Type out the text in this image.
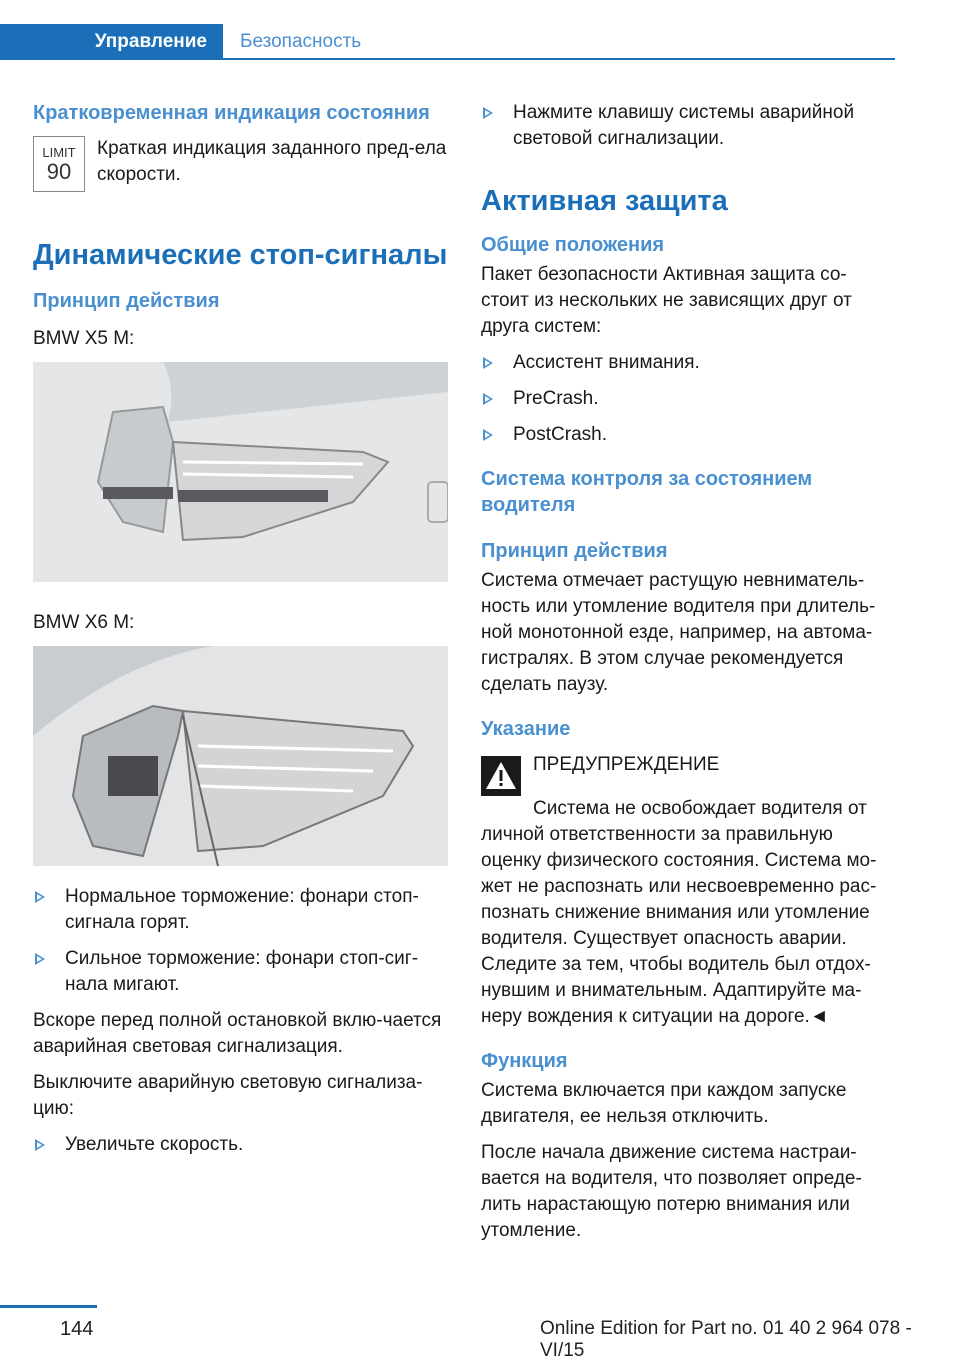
Управление Безопасность
Кратковременная индикация состояния
LIMIT
90
Краткая индикация заданного пред-ела скорости.
Динамические стоп-сигналы
Принцип действия
BMW X5 M:
BMW X6 M:
Нормальное торможение: фонари стоп-сигнала горят.
Сильное торможение: фонари стоп-сиг-нала мигают.
Вскоре перед полной остановкой вклю-чается аварийная световая сигнализация.
Выключите аварийную световую сигнализа-цию:
Увеличьте скорость.
Нажмите клавишу системы аварийной световой сигнализации.
Активная защита
Общие положения
Пакет безопасности Активная защита со-стоит из нескольких не зависящих друг от друга систем:
Ассистент внимания.
PreCrash.
PostCrash.
Система контроля за состоянием водителя
Принцип действия
Система отмечает растущую невниматель-ность или утомление водителя при длитель-ной монотонной езде, например, на автома-гистралях. В этом случае рекомендуется сделать паузу.
Указание
ПРЕДУПРЕЖДЕНИЕ
Система не освобождает водителя от личной ответственности за правильную оценку физического состояния. Система мо-жет не распознать или несвоевременно рас-познать снижение внимания или утомление водителя. Существует опасность аварии. Следите за тем, чтобы водитель был отдох-нувшим и внимательным. Адаптируйте ма-неру вождения к ситуации на дороге.◄
Функция
Система включается при каждом запуске двигателя, ее нельзя отключить.
После начала движение система настраи-вается на водителя, что позволяет опреде-лить нарастающую потерю внимания или утомление.
144	Online Edition for Part no. 01 40 2 964 078 - VI/15
